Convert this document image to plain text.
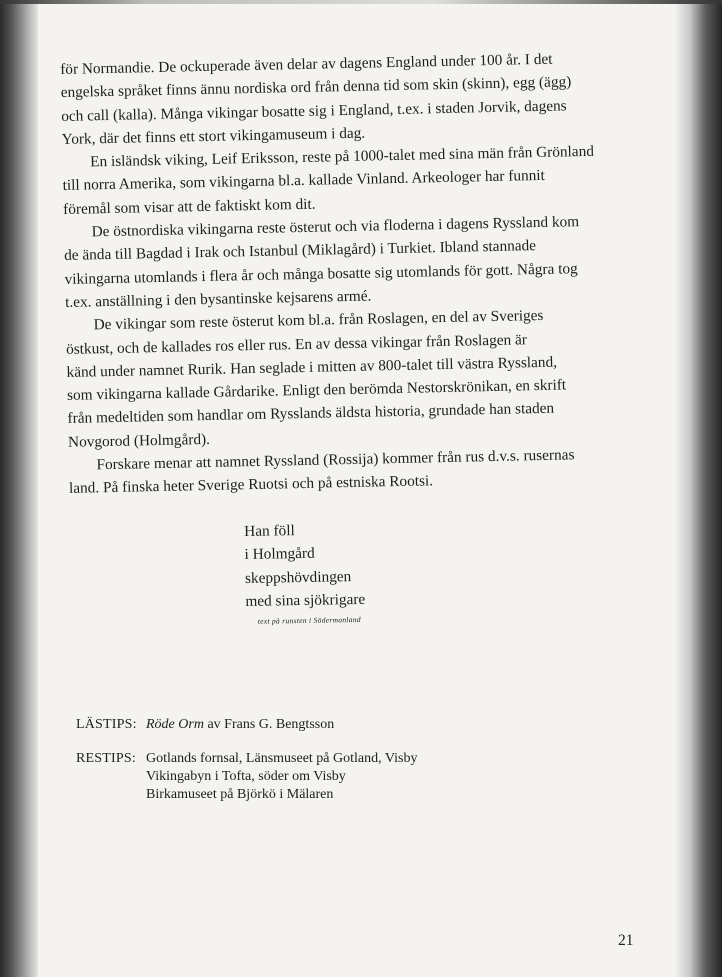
för Normandie. De ockuperade även delar av dagens England under 100 år. I det
engelska språket finns ännu nordiska ord från denna tid som skin (skinn), egg (ägg)
och call (kalla). Många vikingar bosatte sig i England, t.ex. i staden Jorvik, dagens
York, där det finns ett stort vikingamuseum i dag.

En isländsk viking, Leif Eriksson, reste på 1000-talet med sina män från Grönland
till norra Amerika, som vikingarna bl.a. kallade Vinland. Arkeologer har funnit
föremål som visar att de faktiskt kom dit.

De östnordiska vikingarna reste österut och via floderna i dagens Ryssland kom
de ända till Bagdad i Irak och Istanbul (Miklagård) i Turkiet. Ibland stannade
vikingarna utomlands i flera år och många bosatte sig utomlands för gott. Några tog
t.ex. anställning i den bysantinske kejsarens armé.

De vikingar som reste österut kom bl.a. från Roslagen, en del av Sveriges
östkust, och de kallades ros eller rus. En av dessa vikingar från Roslagen är
känd under namnet Rurik. Han seglade i mitten av 800-talet till västra Ryssland,
som vikingarna kallade Gårdarike. Enligt den berömda Nestorskrönikan, en skrift
från medeltiden som handlar om Rysslands äldsta historia, grundade han staden
Novgorod (Holmgård).

Forskare menar att namnet Ryssland (Rossija) kommer från rus d.v.s. rusernas
land. På finska heter Sverige Ruotsi och på estniska Rootsi.

Han föll
i Holmgård
skeppshövdingen
med sina sjökrigare
text på runsten i Södermanland
LÄSTIPS: Röde Orm av Frans G. Bengtsson
RESTIPS: Gotlands fornsal, Länsmuseet på Gotland, Visby
Vikingabyn i Tofta, söder om Visby
Birkamuseet på Björkö i Mälaren
21
